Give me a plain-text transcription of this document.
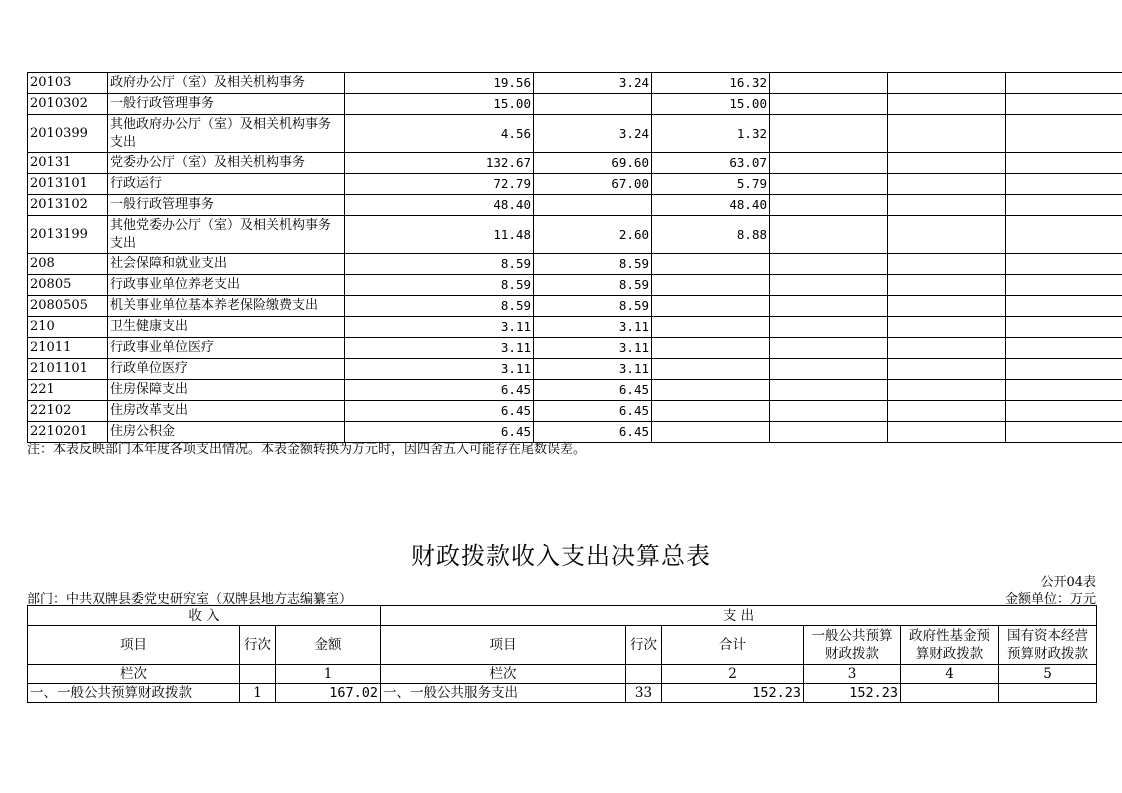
20103	政府办公厅（室）及相关机构事务	19.56	3.24	16.32			
2010302	一般行政管理事务	15.00		15.00			
2010399	其他政府办公厅（室）及相关机构事务支出	4.56	3.24	1.32			
20131	党委办公厅（室）及相关机构事务	132.67	69.60	63.07			
2013101	行政运行	72.79	67.00	5.79			
2013102	一般行政管理事务	48.40		48.40			
2013199	其他党委办公厅（室）及相关机构事务支出	11.48	2.60	8.88			
208	社会保障和就业支出	8.59	8.59				
20805	行政事业单位养老支出	8.59	8.59				
2080505	机关事业单位基本养老保险缴费支出	8.59	8.59				
210	卫生健康支出	3.11	3.11				
21011	行政事业单位医疗	3.11	3.11				
2101101	行政单位医疗	3.11	3.11				
221	住房保障支出	6.45	6.45				
22102	住房改革支出	6.45	6.45				
2210201	住房公积金	6.45	6.45				
注：本表反映部门本年度各项支出情况。本表金额转换为万元时，因四舍五入可能存在尾数误差。
财政拨款收入支出决算总表
公开04表
部门：中共双牌县委党史研究室（双牌县地方志编纂室）	金额单位：万元
收 入			支 出					
项目	行次	金额	项目	行次	合计	一般公共预算财政拨款	政府性基金预算财政拨款	国有资本经营预算财政拨款
栏次		1	栏次		2	3	4	5
一、一般公共预算财政拨款	1	167.02	一、一般公共服务支出	33	152.23	152.23		
